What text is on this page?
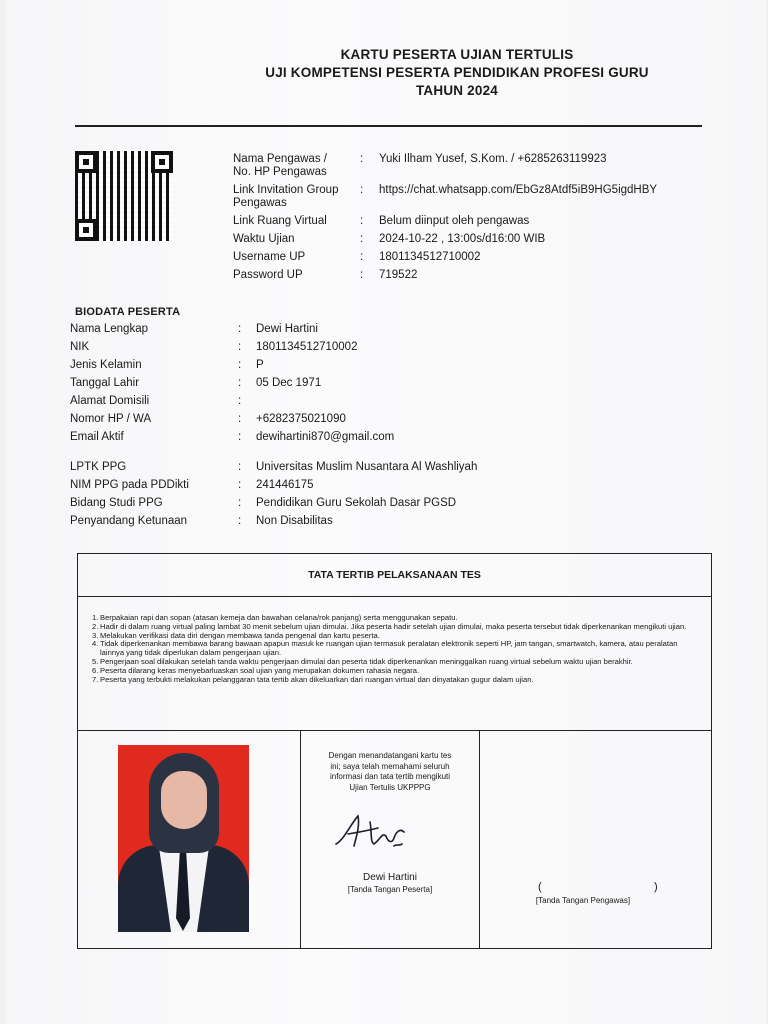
KARTU PESERTA UJIAN TERTULIS
UJI KOMPETENSI PESERTA PENDIDIKAN PROFESI GURU
TAHUN 2024
Nama Pengawas /
No. HP Pengawas
: Yuki Ilham Yusef, S.Kom. / +6285263119923
Link Invitation Group
Pengawas
: https://chat.whatsapp.com/EbGz8Atdf5iB9HG5igdHBY
Link Ruang Virtual	: Belum diinput oleh pengawas
Waktu Ujian	: 2024-10-22 , 13:00s/d16:00 WIB
Username UP	: 1801134512710002
Password UP	: 719522
BIODATA PESERTA
Nama Lengkap	: Dewi Hartini
NIK	: 1801134512710002
Jenis Kelamin	: P
Tanggal Lahir	: 05 Dec 1971
Alamat Domisili	:
Nomor HP / WA	: +6282375021090
Email Aktif	: dewihartini870@gmail.com
LPTK PPG	: Universitas Muslim Nusantara Al Washliyah
NIM PPG pada PDDikti	: 241446175
Bidang Studi PPG	: Pendidikan Guru Sekolah Dasar PGSD
Penyandang Ketunaan	: Non Disabilitas
TATA TERTIB PELAKSANAAN TES
1. Berpakaian rapi dan sopan (atasan kemeja dan bawahan celana/rok panjang) serta menggunakan sepatu.
2. Hadir di dalam ruang virtual paling lambat 30 menit sebelum ujian dimulai. Jika peserta hadir setelah ujian dimulai, maka peserta tersebut tidak diperkenankan mengikuti ujian.
3. Melakukan verifikasi data diri dengan membawa tanda pengenal dan kartu peserta.
4. Tidak diperkenankan membawa barang bawaan apapun masuk ke ruangan ujian termasuk peralatan elektronik seperti HP, jam tangan, smartwatch, kamera, atau peralatan lainnya yang tidak diperlukan dalam pengerjaan ujian.
5. Pengerjaan soal dilakukan setelah tanda waktu pengerjaan dimulai dan peserta tidak diperkenankan meninggalkan ruang virtual sebelum waktu ujian berakhir.
6. Peserta dilarang keras menyebarluaskan soal ujian yang merupakan dokumen rahasia negara.
7. Peserta yang terbukti melakukan pelanggaran tata tertib akan dikeluarkan dari ruangan virtual dan dinyatakan gugur dalam ujian.
Dengan menandatangani kartu tes
ini; saya telah memahami seluruh
informasi dan tata tertib mengikuti
Ujian Tertulis UKPPPG
Dewi Hartini
[Tanda Tangan Peserta]	(	)
[Tanda Tangan Pengawas]
